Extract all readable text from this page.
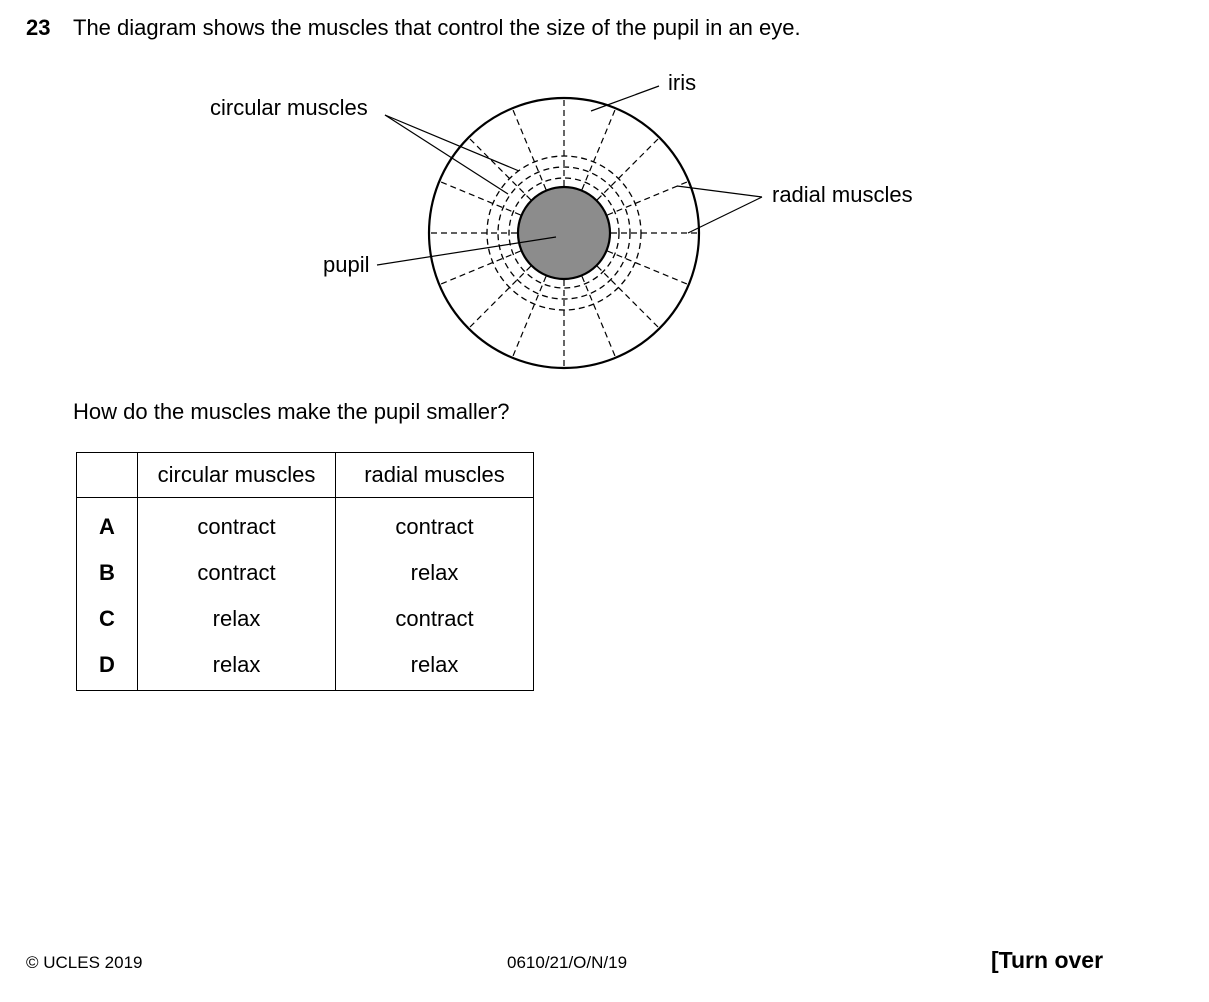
23 The diagram shows the muscles that control the size of the pupil in an eye.
iris
circular muscles
radial muscles
pupil
How do the muscles make the pupil smaller?
	circular muscles	radial muscles
A	contract	contract
B	contract	relax
C	relax	contract
D	relax	relax
© UCLES 2019	0610/21/O/N/19	[Turn over
